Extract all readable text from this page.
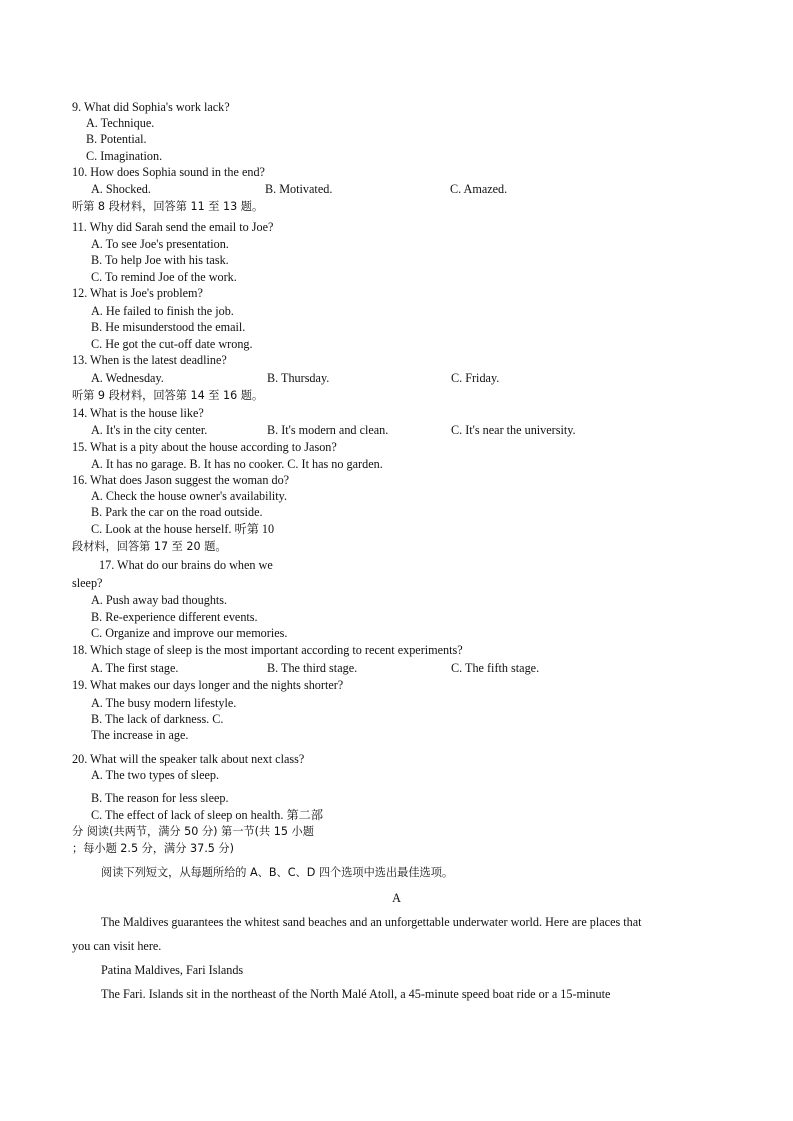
9. What did Sophia's work lack?
A. Technique.
B. Potential.
C. Imagination.
10. How does Sophia sound in the end?
A. Shocked.	B. Motivated.	C. Amazed.
听第 8 段材料，回答第 11 至 13 题。
11. Why did Sarah send the email to Joe?
A. To see Joe's presentation.
B. To help Joe with his task.
C. To remind Joe of the work.
12. What is Joe's problem?
A. He failed to finish the job.
B. He misunderstood the email.
C. He got the cut-off date wrong.
13. When is the latest deadline?
A. Wednesday.	B. Thursday.	C. Friday.
听第 9 段材料，回答第 14 至 16 题。
14. What is the house like?
A. It's in the city center.	B. It's modern and clean.	C. It's near the university.
15. What is a pity about the house according to Jason?
A. It has no garage. B. It has no cooker. C. It has no garden.
16. What does Jason suggest the woman do?
A. Check the house owner's availability.
B. Park the car on the road outside.
C. Look at the house herself. 听第 10
段材料，回答第 17 至 20 题。
17. What do our brains do when we
sleep?
A. Push away bad thoughts.
B. Re-experience different events.
C. Organize and improve our memories.
18. Which stage of sleep is the most important according to recent experiments?
A. The first stage.	B. The third stage.	C. The fifth stage.
19. What makes our days longer and the nights shorter?
A. The busy modern lifestyle.
B. The lack of darkness. C.
The increase in age.
20. What will the speaker talk about next class?
A. The two types of sleep.
B. The reason for less sleep.
C. The effect of lack of sleep on health. 第二部
分 阅读(共两节，满分 50 分) 第一节(共 15 小题
；每小题 2.5 分，满分 37.5 分)
阅读下列短文，从每题所给的 A、B、C、D 四个选项中选出最佳选项。
A
The Maldives guarantees the whitest sand beaches and an unforgettable underwater world. Here are places that
you can visit here.
Patina Maldives, Fari Islands
The Fari. Islands sit in the northeast of the North Malé Atoll, a 45-minute speed boat ride or a 15-minute
